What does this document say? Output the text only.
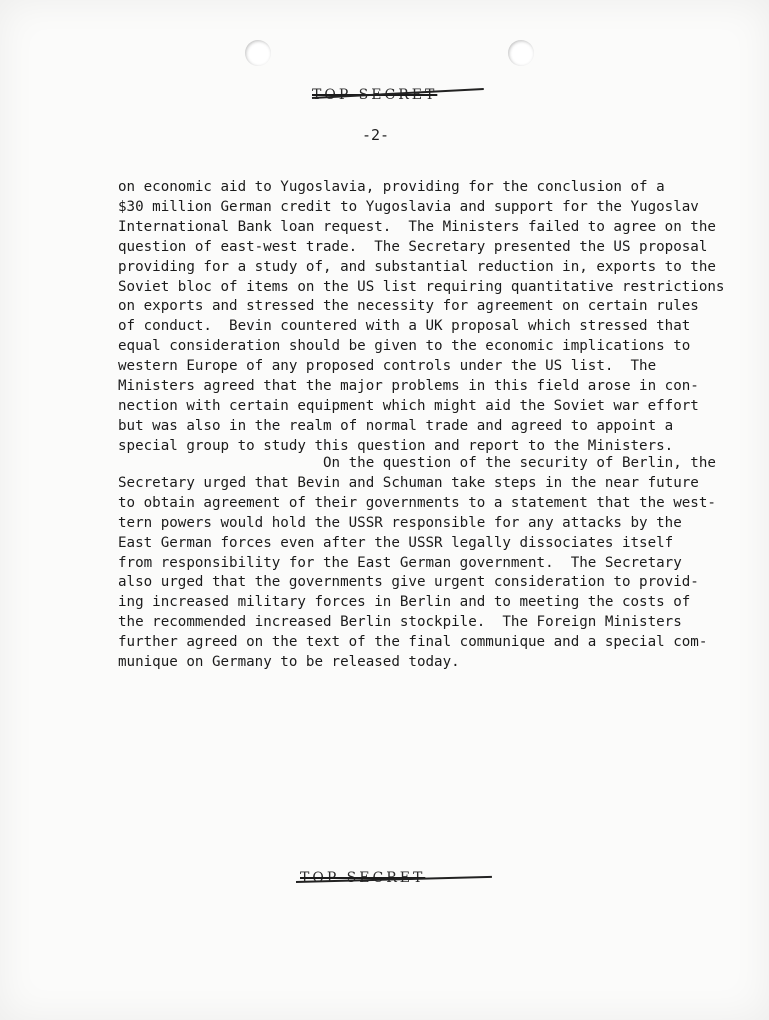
TOP SECRET
-2-
on economic aid to Yugoslavia, providing for the conclusion of a
$30 million German credit to Yugoslavia and support for the Yugoslav
International Bank loan request.  The Ministers failed to agree on the
question of east-west trade.  The Secretary presented the US proposal
providing for a study of, and substantial reduction in, exports to the
Soviet bloc of items on the US list requiring quantitative restrictions
on exports and stressed the necessity for agreement on certain rules
of conduct.  Bevin countered with a UK proposal which stressed that
equal consideration should be given to the economic implications to
western Europe of any proposed controls under the US list.  The
Ministers agreed that the major problems in this field arose in con-
nection with certain equipment which might aid the Soviet war effort
but was also in the realm of normal trade and agreed to appoint a
special group to study this question and report to the Ministers.
On the question of the security of Berlin, the
Secretary urged that Bevin and Schuman take steps in the near future
to obtain agreement of their governments to a statement that the west-
tern powers would hold the USSR responsible for any attacks by the
East German forces even after the USSR legally dissociates itself
from responsibility for the East German government.  The Secretary
also urged that the governments give urgent consideration to provid-
ing increased military forces in Berlin and to meeting the costs of
the recommended increased Berlin stockpile.  The Foreign Ministers
further agreed on the text of the final communique and a special com-
munique on Germany to be released today.
TOP SECRET
